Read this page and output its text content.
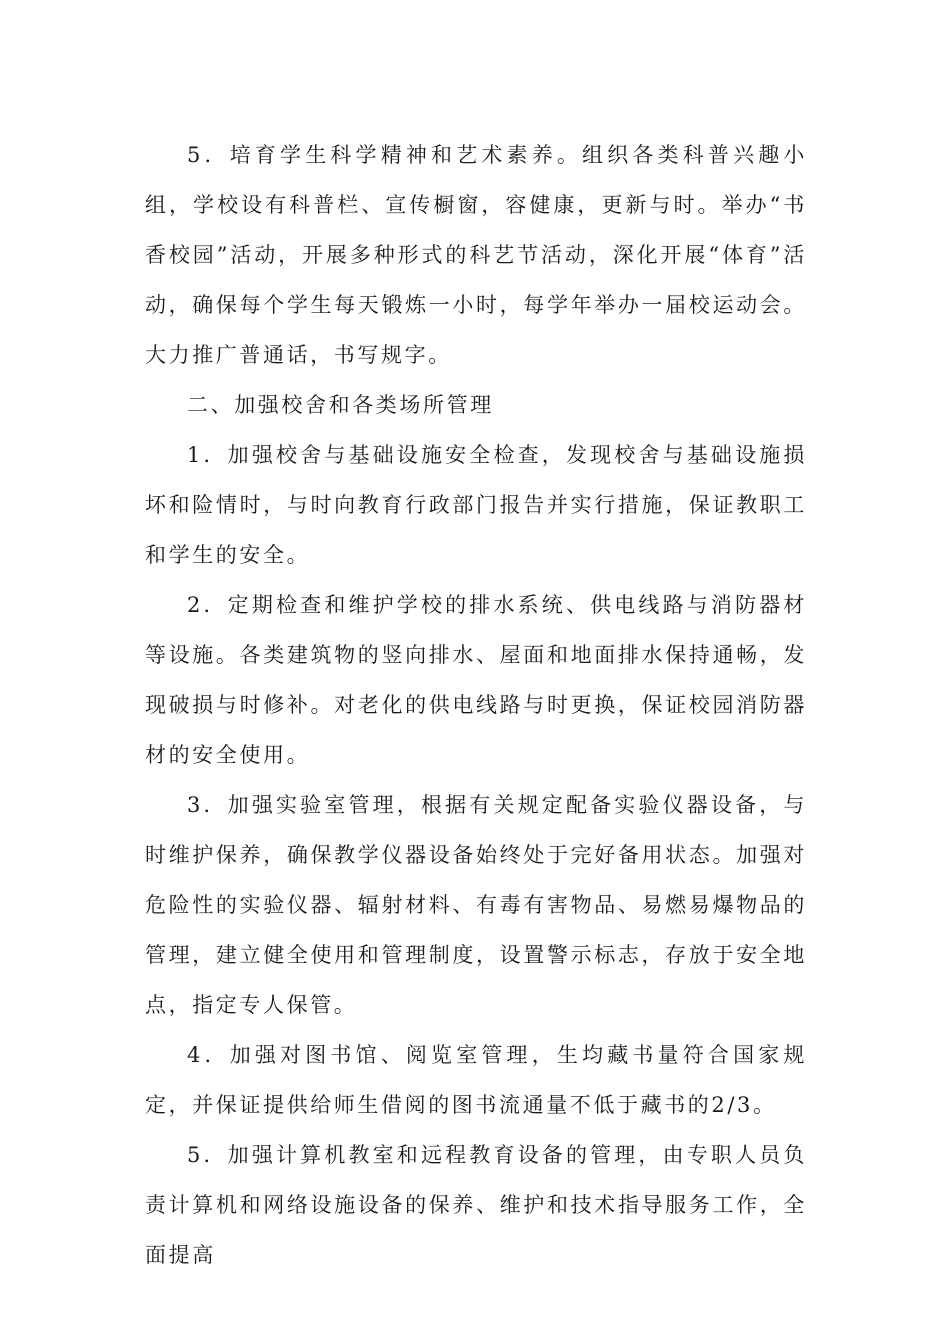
5．培育学生科学精神和艺术素养。组织各类科普兴趣小组，学校设有科普栏、宣传橱窗，容健康，更新与时。举办“书香校园”活动，开展多种形式的科艺节活动，深化开展“体育”活动，确保每个学生每天锻炼一小时，每学年举办一届校运动会。大力推广普通话，书写规字。

二、加强校舍和各类场所管理

1．加强校舍与基础设施安全检查，发现校舍与基础设施损坏和险情时，与时向教育行政部门报告并实行措施，保证教职工和学生的安全。

2．定期检查和维护学校的排水系统、供电线路与消防器材等设施。各类建筑物的竖向排水、屋面和地面排水保持通畅，发现破损与时修补。对老化的供电线路与时更换，保证校园消防器材的安全使用。

3．加强实验室管理，根据有关规定配备实验仪器设备，与时维护保养，确保教学仪器设备始终处于完好备用状态。加强对危险性的实验仪器、辐射材料、有毒有害物品、易燃易爆物品的管理，建立健全使用和管理制度，设置警示标志，存放于安全地点，指定专人保管。

4．加强对图书馆、阅览室管理，生均藏书量符合国家规定，并保证提供给师生借阅的图书流通量不低于藏书的2/3。

5．加强计算机教室和远程教育设备的管理，由专职人员负责计算机和网络设施设备的保养、维护和技术指导服务工作，全面提高
